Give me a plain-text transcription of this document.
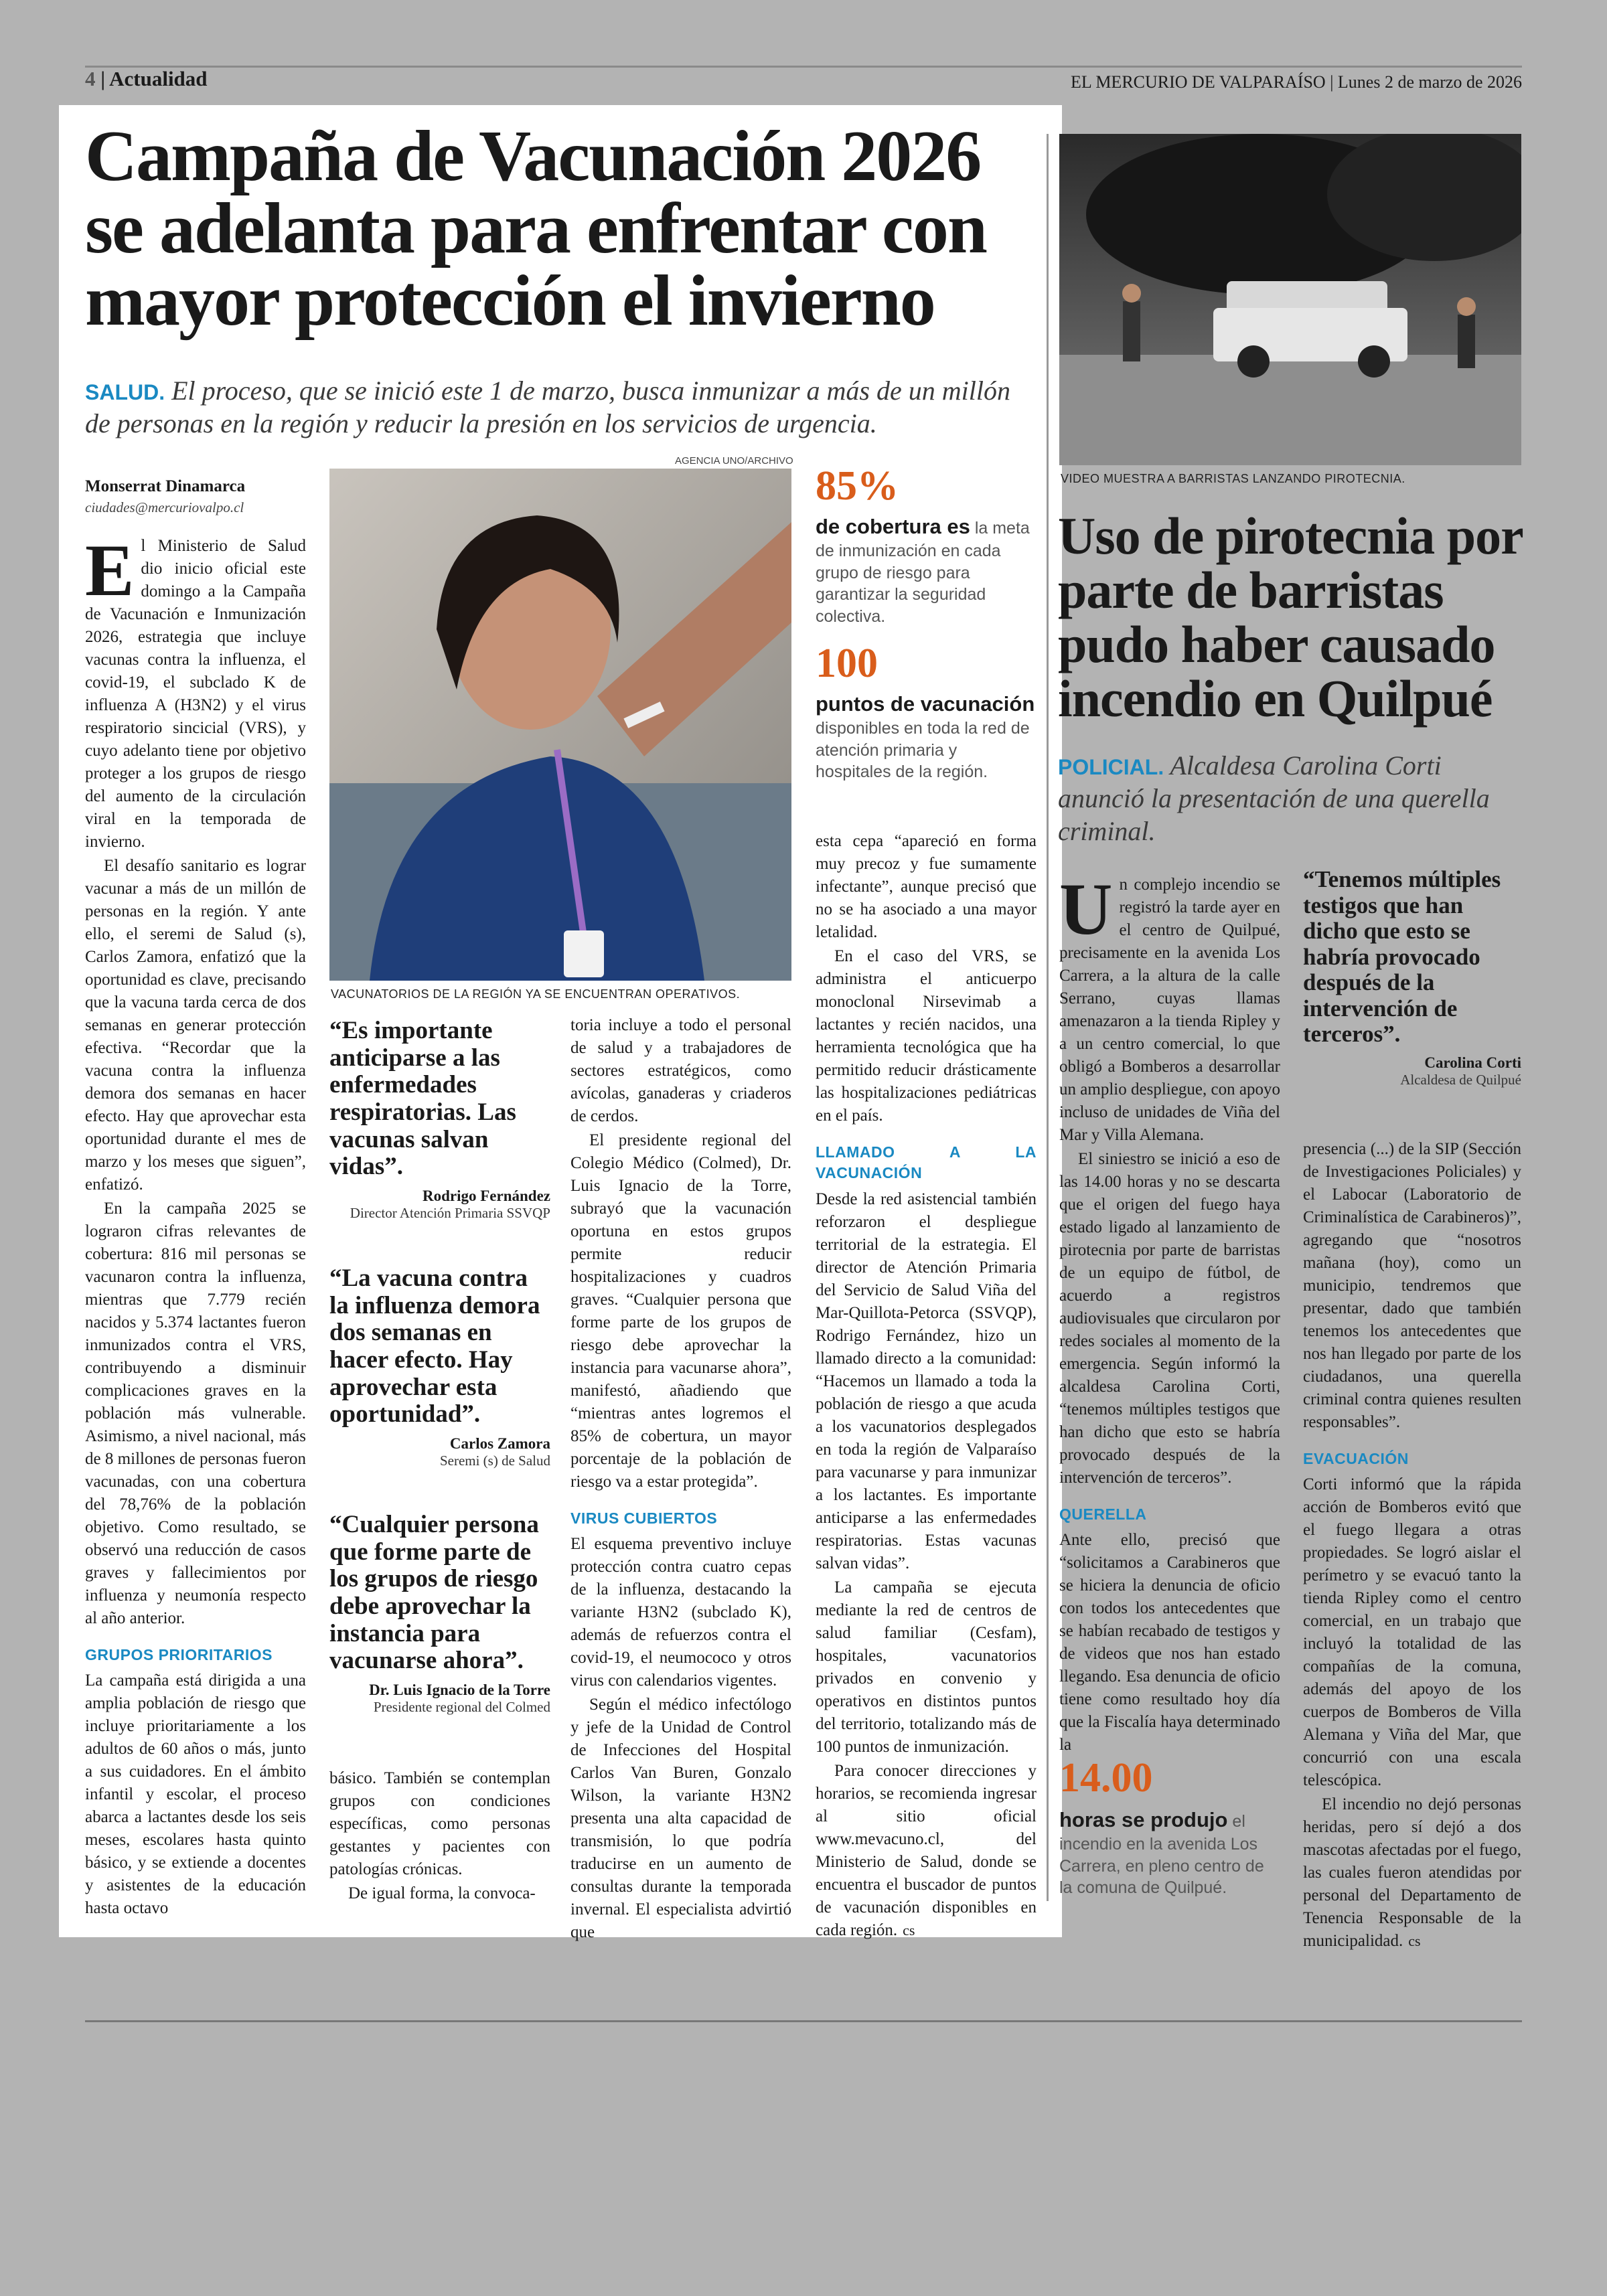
4 | Actualidad	EL MERCURIO DE VALPARAÍSO | Lunes 2 de marzo de 2026
Campaña de Vacunación 2026 se adelanta para enfrentar con mayor protección el invierno
SALUD. El proceso, que se inició este 1 de marzo, busca inmunizar a más de un millón de personas en la región y reducir la presión en los servicios de urgencia.
Monserrat Dinamarca
ciudades@mercuriovalpo.cl

El Ministerio de Salud dio inicio oficial este domingo a la Campaña de Vacunación e Inmunización 2026, estrategia que incluye vacunas contra la influenza, el covid-19, el subclado K de influenza A (H3N2) y el virus respiratorio sincicial (VRS), y cuyo adelanto tiene por objetivo proteger a los grupos de riesgo del aumento de la circulación viral en la temporada de invierno.

El desafío sanitario es lograr vacunar a más de un millón de personas en la región. Y ante ello, el seremi de Salud (s), Carlos Zamora, enfatizó que la oportunidad es clave, precisando que la vacuna tarda cerca de dos semanas en generar protección efectiva. “Recordar que la vacuna contra la influenza demora dos semanas en hacer efecto. Hay que aprovechar esta oportunidad durante el mes de marzo y los meses que siguen”, enfatizó.

En la campaña 2025 se lograron cifras relevantes de cobertura: 816 mil personas se vacunaron contra la influenza, mientras que 7.779 recién nacidos y 5.374 lactantes fueron inmunizados contra el VRS, contribuyendo a disminuir complicaciones graves en la población más vulnerable. Asimismo, a nivel nacional, más de 8 millones de personas fueron vacunadas, con una cobertura del 78,76% de la población objetivo. Como resultado, se observó una reducción de casos graves y fallecimientos por influenza y neumonía respecto al año anterior.

GRUPOS PRIORITARIOS

La campaña está dirigida a una amplia población de riesgo que incluye prioritariamente a los adultos de 60 años o más, junto a sus cuidadores. En el ámbito infantil y escolar, el proceso abarca a lactantes desde los seis meses, escolares hasta quinto básico, y se extiende a docentes y asistentes de la educación hasta octavo

AGENCIA UNO/ARCHIVO
VACUNATORIOS DE LA REGIÓN YA SE ENCUENTRAN OPERATIVOS.
“Es importante anticiparse a las enfermedades respiratorias. Las vacunas salvan vidas”.
Rodrigo Fernández
Director Atención Primaria SSVQP
“La vacuna contra la influenza demora dos semanas en hacer efecto. Hay aprovechar esta oportunidad”.
Carlos Zamora
Seremi (s) de Salud
“Cualquier persona que forme parte de los grupos de riesgo debe aprovechar la instancia para vacunarse ahora”.
Dr. Luis Ignacio de la Torre
Presidente regional del Colmed

básico. También se contemplan grupos con condiciones específicas, como personas gestantes y pacientes con patologías crónicas.

De igual forma, la convoca-

toria incluye a todo el personal de salud y a trabajadores de sectores estratégicos, como avícolas, ganaderas y criaderos de cerdos.

El presidente regional del Colegio Médico (Colmed), Dr. Luis Ignacio de la Torre, subrayó que la vacunación oportuna en estos grupos permite reducir hospitalizaciones y cuadros graves. “Cualquier persona que forme parte de los grupos de riesgo debe aprovechar la instancia para vacunarse ahora”, manifestó, añadiendo que “mientras antes logremos el 85% de cobertura, un mayor porcentaje de la población de riesgo va a estar protegida”.

VIRUS CUBIERTOS

El esquema preventivo incluye protección contra cuatro cepas de la influenza, destacando la variante H3N2 (subclado K), además de refuerzos contra el covid-19, el neumococo y otros virus con calendarios vigentes.

Según el médico infectólogo y jefe de la Unidad de Control de Infecciones del Hospital Carlos Van Buren, Gonzalo Wilson, la variante H3N2 presenta una alta capacidad de transmisión, lo que podría traducirse en un aumento de consultas durante la temporada invernal. El especialista advirtió que

85%
de cobertura es la meta de inmunización en cada grupo de riesgo para garantizar la seguridad colectiva.
100
puntos de vacunación disponibles en toda la red de atención primaria y hospitales de la región.

esta cepa “apareció en forma muy precoz y fue sumamente infectante”, aunque precisó que no se ha asociado a una mayor letalidad.

En el caso del VRS, se administra el anticuerpo monoclonal Nirsevimab a lactantes y recién nacidos, una herramienta tecnológica que ha permitido reducir drásticamente las hospitalizaciones pediátricas en el país.

LLAMADO A LA VACUNACIÓN

Desde la red asistencial también reforzaron el despliegue territorial de la estrategia. El director de Atención Primaria del Servicio de Salud Viña del Mar-Quillota-Petorca (SSVQP), Rodrigo Fernández, hizo un llamado directo a la comunidad: “Hacemos un llamado a toda la población de riesgo a que acuda a los vacunatorios desplegados en toda la región de Valparaíso para vacunarse y para inmunizar a los lactantes. Es importante anticiparse a las enfermedades respiratorias. Estas vacunas salvan vidas”.

La campaña se ejecuta mediante la red de centros de salud familiar (Cesfam), hospitales, vacunatorios privados en convenio y operativos en distintos puntos del territorio, totalizando más de 100 puntos de inmunización.

Para conocer direcciones y horarios, se recomienda ingresar al sitio oficial www.mevacuno.cl, del Ministerio de Salud, donde se encuentra el buscador de puntos de vacunación disponibles en cada región. cs

VIDEO MUESTRA A BARRISTAS LANZANDO PIROTECNIA.
Uso de pirotecnia por parte de barristas pudo haber causado incendio en Quilpué
POLICIAL. Alcaldesa Carolina Corti anunció la presentación de una querella criminal.

Un complejo incendio se registró la tarde ayer en el centro de Quilpué, precisamente en la avenida Los Carrera, a la altura de la calle Serrano, cuyas llamas amenazaron a la tienda Ripley y a un centro comercial, lo que obligó a Bomberos a desarrollar un amplio despliegue, con apoyo incluso de unidades de Viña del Mar y Villa Alemana.

El siniestro se inició a eso de las 14.00 horas y no se descarta que el origen del fuego haya estado ligado al lanzamiento de pirotecnia por parte de barristas de un equipo de fútbol, de acuerdo a registros audiovisuales que circularon por redes sociales al momento de la emergencia. Según informó la alcaldesa Carolina Corti, “tenemos múltiples testigos que han dicho que esto se habría provocado después de la intervención de terceros”.

QUERELLA

Ante ello, precisó que “solicitamos a Carabineros que se hiciera la denuncia de oficio con todos los antecedentes que se habían recabado de testigos y de videos que nos han estado llegando. Esa denuncia de oficio tiene como resultado hoy día que la Fiscalía haya determinado la

14.00
horas se produjo el incendio en la avenida Los Carrera, en pleno centro de la comuna de Quilpué.
“Tenemos múltiples testigos que han dicho que esto se habría provocado después de la intervención de terceros”.
Carolina Corti
Alcaldesa de Quilpué

presencia (...) de la SIP (Sección de Investigaciones Policiales) y el Labocar (Laboratorio de Criminalística de Carabineros)”, agregando que “nosotros mañana (hoy), como un municipio, tendremos que presentar, dado que también tenemos los antecedentes que nos han llegado por parte de los ciudadanos, una querella criminal contra quienes resulten responsables”.

EVACUACIÓN

Corti informó que la rápida acción de Bomberos evitó que el fuego llegara a otras propiedades. Se logró aislar el perímetro y se evacuó tanto la tienda Ripley como el centro comercial, en un trabajo que incluyó la totalidad de las compañías de la comuna, además del apoyo de los cuerpos de Bomberos de Villa Alemana y Viña del Mar, que concurrió con una escala telescópica.

El incendio no dejó personas heridas, pero sí dejó a dos mascotas afectadas por el fuego, las cuales fueron atendidas por personal del Departamento de Tenencia Responsable de la municipalidad. cs
